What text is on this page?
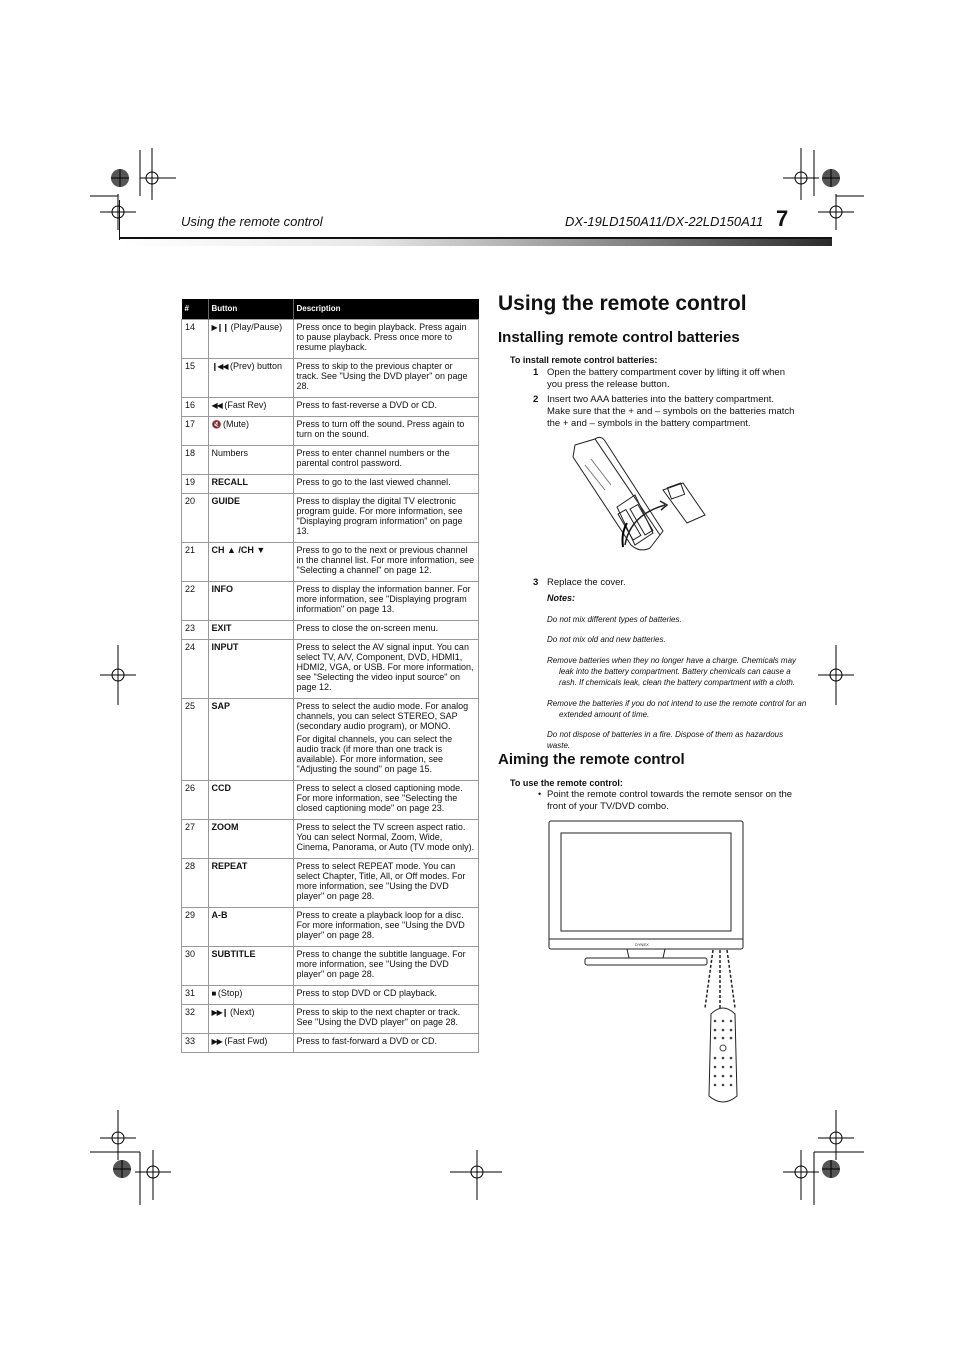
Using the remote control	DX-19LD150A11/DX-22LD150A11 7
#	Button	Description
14	▶❙❙ (Play/Pause)	Press once to begin playback. Press again to pause playback. Press once more to resume playback.

15	❙◀◀ (Prev) button	Press to skip to the previous chapter or track. See "Using the DVD player" on page 28.

16	◀◀ (Fast Rev)	Press to fast-reverse a DVD or CD.

17	🔇 (Mute)	Press to turn off the sound. Press again to turn on the sound.

18	Numbers	Press to enter channel numbers or the parental control password.

19	RECALL	Press to go to the last viewed channel.

20	GUIDE	Press to display the digital TV electronic program guide. For more information, see "Displaying program information" on page 13.

21	CH ▲ /CH ▼	Press to go to the next or previous channel in the channel list. For more information, see "Selecting a channel" on page 12.

22	INFO	Press to display the information banner. For more information, see "Displaying program information" on page 13.

23	EXIT	Press to close the on-screen menu.

24	INPUT	Press to select the AV signal input. You can select TV, A/V, Component, DVD, HDMI1, HDMI2, VGA, or USB. For more information, see "Selecting the video input source" on page 12.

25	SAP	Press to select the audio mode. For analog channels, you can select STEREO, SAP (secondary audio program), or MONO.

For digital channels, you can select the audio track (if more than one track is available). For more information, see "Adjusting the sound" on page 15.

26	CCD	Press to select a closed captioning mode. For more information, see "Selecting the closed captioning mode" on page 23.

27	ZOOM	Press to select the TV screen aspect ratio. You can select Normal, Zoom, Wide, Cinema, Panorama, or Auto (TV mode only).

28	REPEAT	Press to select REPEAT mode. You can select Chapter, Title, All, or Off modes. For more information, see "Using the DVD player" on page 28.

29	A-B	Press to create a playback loop for a disc. For more information, see "Using the DVD player" on page 28.

30	SUBTITLE	Press to change the subtitle language. For more information, see "Using the DVD player" on page 28.

31	■ (Stop)	Press to stop DVD or CD playback.

32	▶▶❙ (Next)	Press to skip to the next chapter or track. See "Using the DVD player" on page 28.

33	▶▶ (Fast Fwd)	Press to fast-forward a DVD or CD.

Using the remote control
Installing remote control batteries
To install remote control batteries:
1 Open the battery compartment cover by lifting it off when you press the release button.
2 Insert two AAA batteries into the battery compartment. Make sure that the + and – symbols on the batteries match the + and – symbols in the battery compartment.
3 Replace the cover.
Notes:
Do not mix different types of batteries.
Do not mix old and new batteries.
Remove batteries when they no longer have a charge. Chemicals may leak into the battery compartment. Battery chemicals can cause a rash. If chemicals leak, clean the battery compartment with a cloth.
Remove the batteries if you do not intend to use the remote control for an extended amount of time.
Do not dispose of batteries in a fire. Dispose of them as hazardous waste.
Aiming the remote control
To use the remote control:
• Point the remote control towards the remote sensor on the front of your TV/DVD combo.
DYNEX
